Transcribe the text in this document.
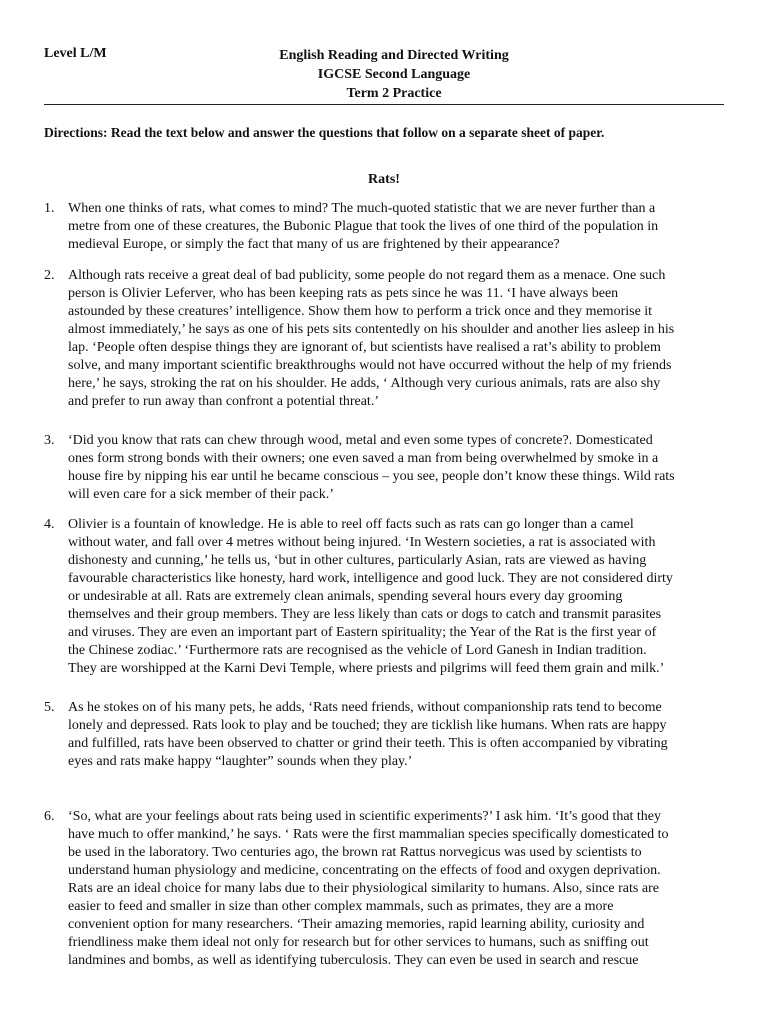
Level L/M	English Reading and Directed Writing
IGCSE Second Language
Term 2 Practice
Directions: Read the text below and answer the questions that follow on a separate sheet of paper.
Rats!
1. When one thinks of rats, what comes to mind? The much-quoted statistic that we are never further than a
metre from one of these creatures, the Bubonic Plague that took the lives of one third of the population in
medieval Europe, or simply the fact that many of us are frightened by their appearance?
2. Although rats receive a great deal of bad publicity, some people do not regard them as a menace. One such
person is Olivier Leferver, who has been keeping rats as pets since he was 11. ‘I have always been
astounded by these creatures’ intelligence. Show them how to perform a trick once and they memorise it
almost immediately,’ he says as one of his pets sits contentedly on his shoulder and another lies asleep in his
lap. ‘People often despise things they are ignorant of, but scientists have realised a rat’s ability to problem
solve, and many important scientific breakthroughs would not have occurred without the help of my friends
here,’ he says, stroking the rat on his shoulder. He adds, ‘ Although very curious animals, rats are also shy
and prefer to run away than confront a potential threat.’
3. ‘Did you know that rats can chew through wood, metal and even some types of concrete?. Domesticated
ones form strong bonds with their owners; one even saved a man from being overwhelmed by smoke in a
house fire by nipping his ear until he became conscious – you see, people don’t know these things. Wild rats
will even care for a sick member of their pack.’
4. Olivier is a fountain of knowledge. He is able to reel off facts such as rats can go longer than a camel
without water, and fall over 4 metres without being injured. ‘In Western societies, a rat is associated with
dishonesty and cunning,’ he tells us, ‘but in other cultures, particularly Asian, rats are viewed as having
favourable characteristics like honesty, hard work, intelligence and good luck. They are not considered dirty
or undesirable at all. Rats are extremely clean animals, spending several hours every day grooming
themselves and their group members. They are less likely than cats or dogs to catch and transmit parasites
and viruses. They are even an important part of Eastern spirituality; the Year of the Rat is the first year of
the Chinese zodiac.’ ‘Furthermore rats are recognised as the vehicle of Lord Ganesh in Indian tradition.
They are worshipped at the Karni Devi Temple, where priests and pilgrims will feed them grain and milk.’
5. As he stokes on of his many pets, he adds, ‘Rats need friends, without companionship rats tend to become
lonely and depressed. Rats look to play and be touched; they are ticklish like humans. When rats are happy
and fulfilled, rats have been observed to chatter or grind their teeth. This is often accompanied by vibrating
eyes and rats make happy “laughter” sounds when they play.’
6. ‘So, what are your feelings about rats being used in scientific experiments?’ I ask him. ‘It’s good that they
have much to offer mankind,’ he says. ‘ Rats were the first mammalian species specifically domesticated to
be used in the laboratory. Two centuries ago, the brown rat Rattus norvegicus was used by scientists to
understand human physiology and medicine, concentrating on the effects of food and oxygen deprivation.
Rats are an ideal choice for many labs due to their physiological similarity to humans. Also, since rats are
easier to feed and smaller in size than other complex mammals, such as primates, they are a more
convenient option for many researchers. ‘Their amazing memories, rapid learning ability, curiosity and
friendliness make them ideal not only for research but for other services to humans, such as sniffing out
landmines and bombs, as well as identifying tuberculosis. They can even be used in search and rescue
